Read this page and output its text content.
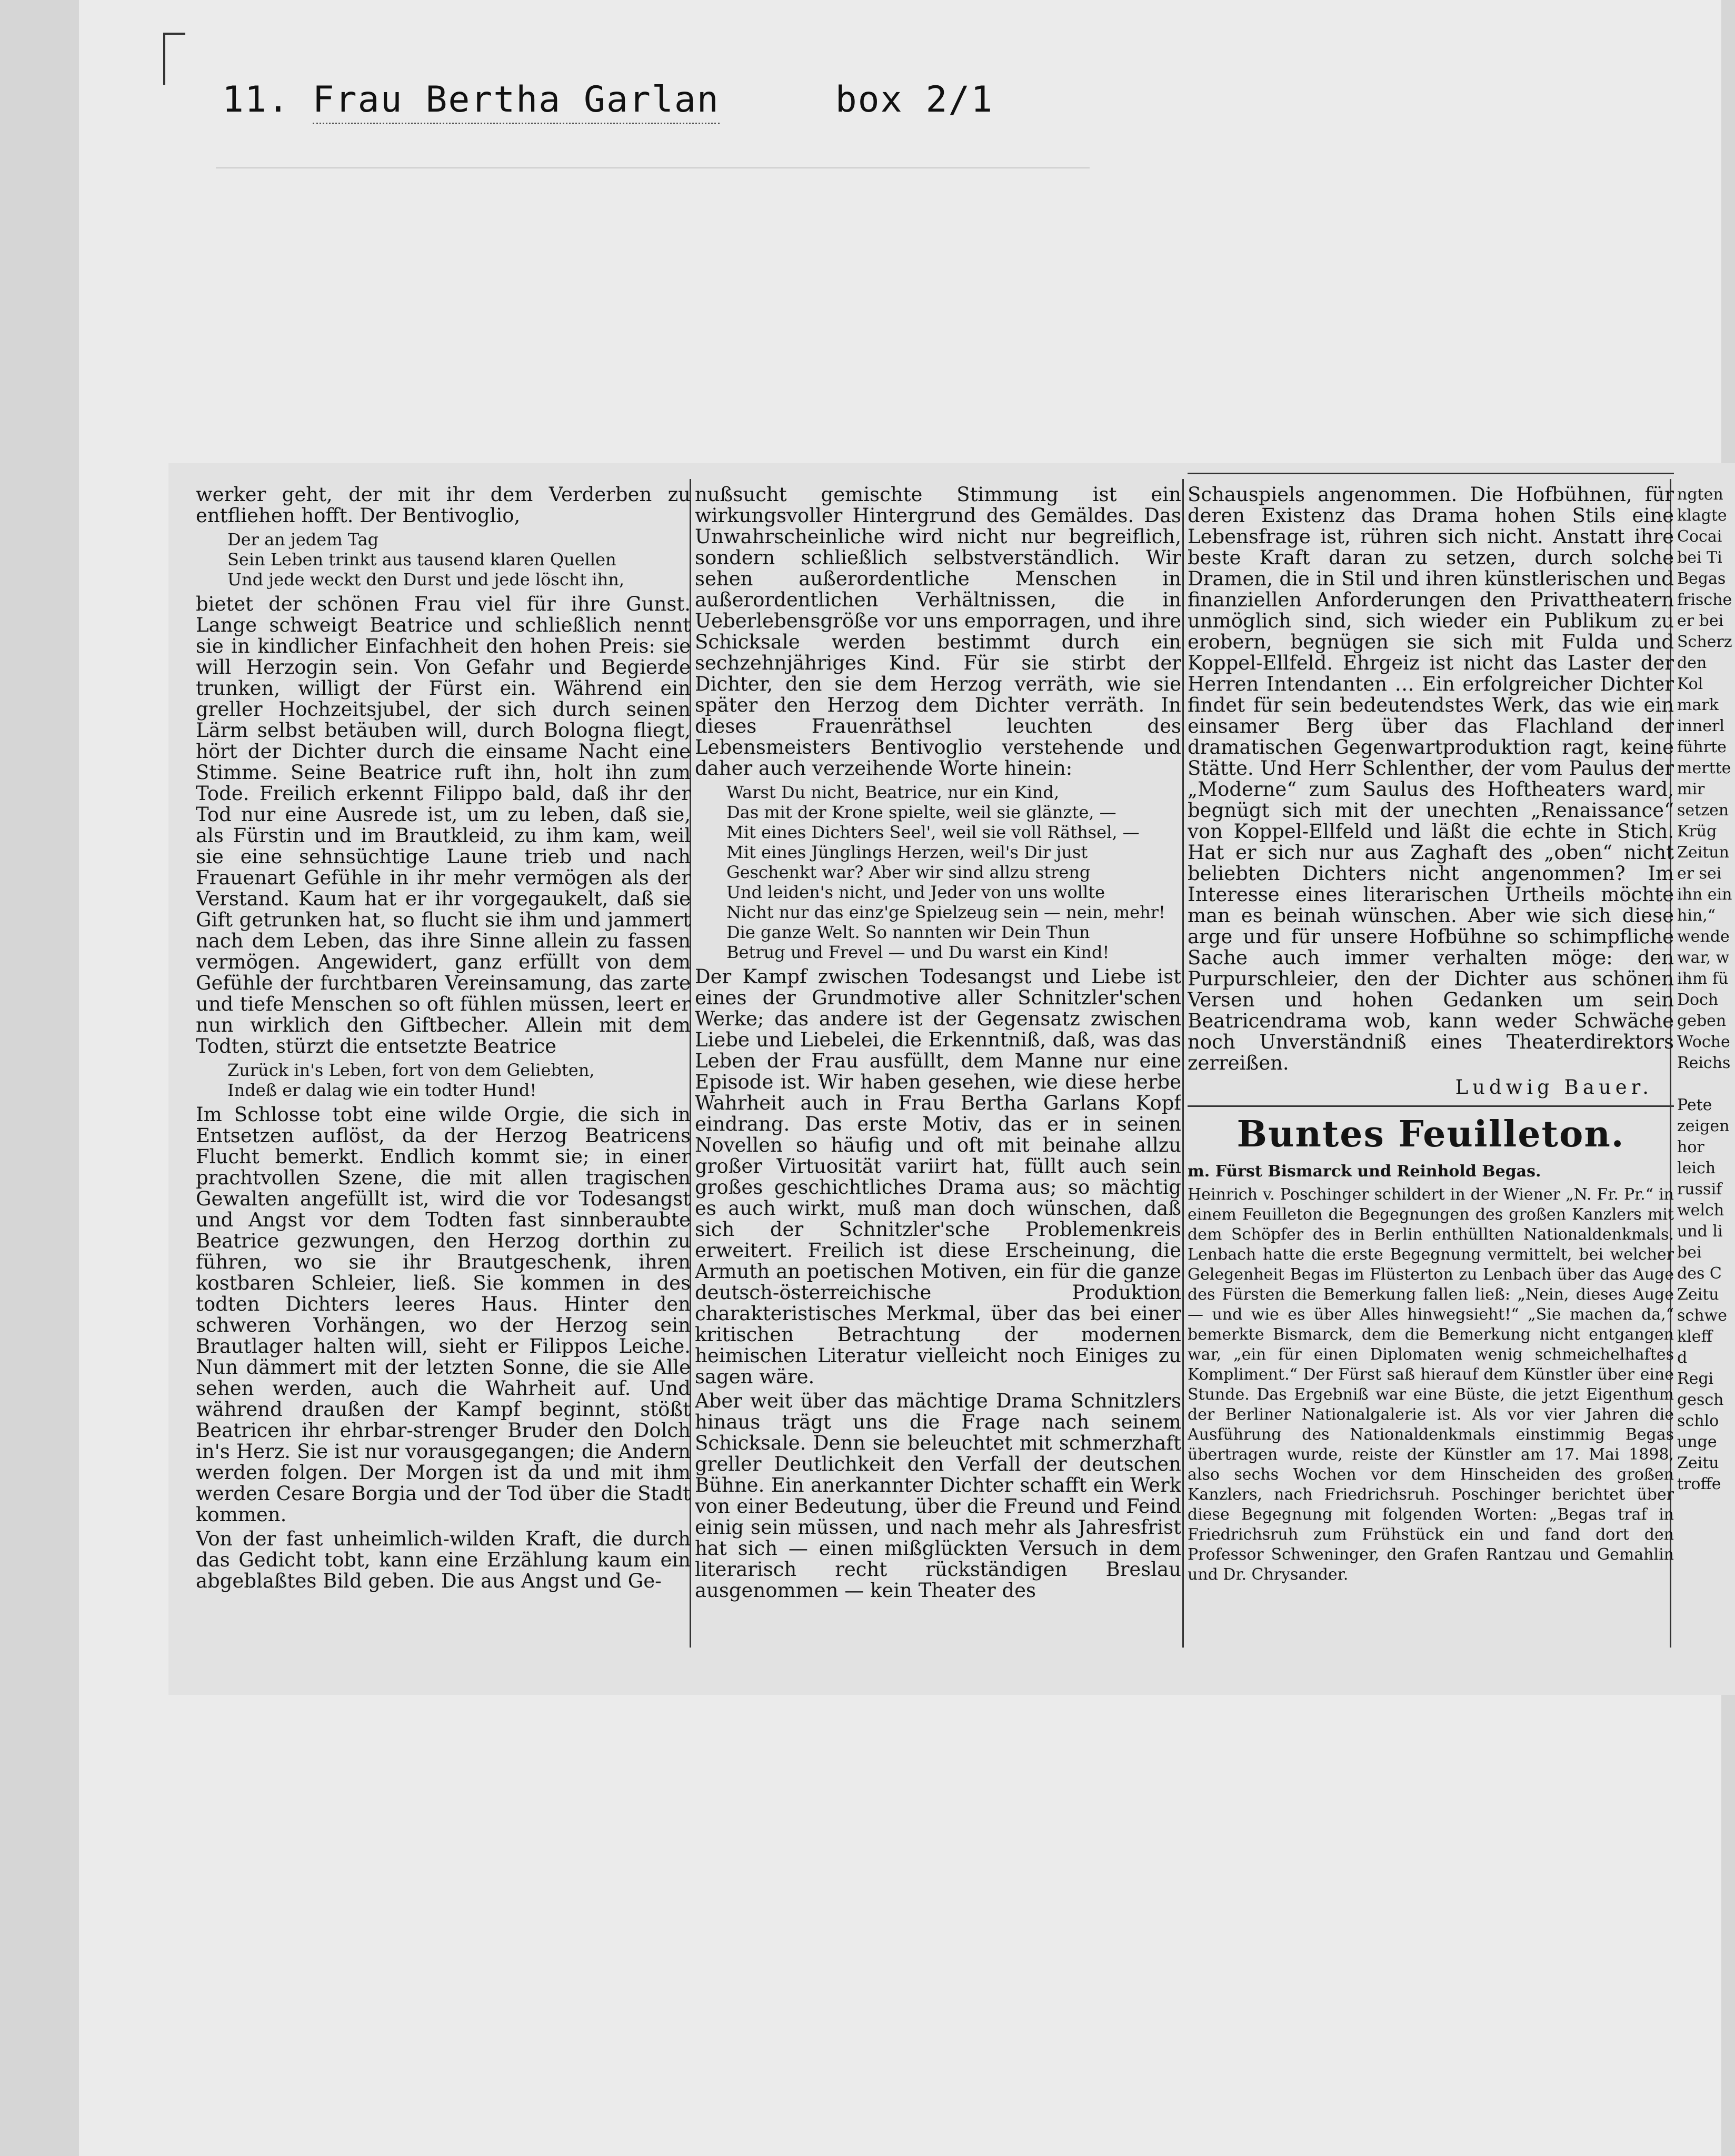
11. Frau Bertha Garlan	box 2/1

werker geht, der mit ihr dem Verderben zu entfliehen hofft. Der Bentivoglio,

Der an jedem Tag
Sein Leben trinkt aus tausend klaren Quellen
Und jede weckt den Durst und jede löscht ihn,

bietet der schönen Frau viel für ihre Gunst. Lange schweigt Beatrice und schließlich nennt sie in kindlicher Einfachheit den hohen Preis: sie will Herzogin sein. Von Gefahr und Begierde trunken, willigt der Fürst ein. Während ein greller Hochzeitsjubel, der sich durch seinen Lärm selbst betäuben will, durch Bologna fliegt, hört der Dichter durch die einsame Nacht eine Stimme. Seine Beatrice ruft ihn, holt ihn zum Tode. Freilich erkennt Filippo bald, daß ihr der Tod nur eine Ausrede ist, um zu leben, daß sie, als Fürstin und im Brautkleid, zu ihm kam, weil sie eine sehnsüchtige Laune trieb und nach Frauenart Gefühle in ihr mehr vermögen als der Verstand. Kaum hat er ihr vorgegaukelt, daß sie Gift getrunken hat, so flucht sie ihm und jammert nach dem Leben, das ihre Sinne allein zu fassen vermögen. Angewidert, ganz erfüllt von dem Gefühle der furchtbaren Vereinsamung, das zarte und tiefe Menschen so oft fühlen müssen, leert er nun wirklich den Giftbecher. Allein mit dem Todten, stürzt die entsetzte Beatrice

Zurück in's Leben, fort von dem Geliebten,
Indeß er dalag wie ein todter Hund!

Im Schlosse tobt eine wilde Orgie, die sich in Entsetzen auflöst, da der Herzog Beatricens Flucht bemerkt. Endlich kommt sie; in einer prachtvollen Szene, die mit allen tragischen Gewalten angefüllt ist, wird die vor Todesangst und Angst vor dem Todten fast sinnberaubte Beatrice gezwungen, den Herzog dorthin zu führen, wo sie ihr Brautgeschenk, ihren kostbaren Schleier, ließ. Sie kommen in des todten Dichters leeres Haus. Hinter den schweren Vorhängen, wo der Herzog sein Brautlager halten will, sieht er Filippos Leiche. Nun dämmert mit der letzten Sonne, die sie Alle sehen werden, auch die Wahrheit auf. Und während draußen der Kampf beginnt, stößt Beatricen ihr ehrbar-strenger Bruder den Dolch in's Herz. Sie ist nur vorausgegangen; die Andern werden folgen. Der Morgen ist da und mit ihm werden Cesare Borgia und der Tod über die Stadt kommen.

Von der fast unheimlich-wilden Kraft, die durch das Gedicht tobt, kann eine Erzählung kaum ein abgeblaßtes Bild geben. Die aus Angst und Ge-

nußsucht gemischte Stimmung ist ein wirkungsvoller Hintergrund des Gemäldes. Das Unwahrscheinliche wird nicht nur begreiflich, sondern schließlich selbstverständlich. Wir sehen außerordentliche Menschen in außerordentlichen Verhältnissen, die in Ueberlebensgröße vor uns emporragen, und ihre Schicksale werden bestimmt durch ein sechzehnjähriges Kind. Für sie stirbt der Dichter, den sie dem Herzog verräth, wie sie später den Herzog dem Dichter verräth. In dieses Frauenräthsel leuchten des Lebensmeisters Bentivoglio verstehende und daher auch verzeihende Worte hinein:

Warst Du nicht, Beatrice, nur ein Kind,
Das mit der Krone spielte, weil sie glänzte, —
Mit eines Dichters Seel', weil sie voll Räthsel, —
Mit eines Jünglings Herzen, weil's Dir just
Geschenkt war? Aber wir sind allzu streng
Und leiden's nicht, und Jeder von uns wollte
Nicht nur das einz'ge Spielzeug sein — nein, mehr!
Die ganze Welt. So nannten wir Dein Thun
Betrug und Frevel — und Du warst ein Kind!

Der Kampf zwischen Todesangst und Liebe ist eines der Grundmotive aller Schnitzler'schen Werke; das andere ist der Gegensatz zwischen Liebe und Liebelei, die Erkenntniß, daß, was das Leben der Frau ausfüllt, dem Manne nur eine Episode ist. Wir haben gesehen, wie diese herbe Wahrheit auch in Frau Bertha Garlans Kopf eindrang. Das erste Motiv, das er in seinen Novellen so häufig und oft mit beinahe allzu großer Virtuosität variirt hat, füllt auch sein großes geschichtliches Drama aus; so mächtig es auch wirkt, muß man doch wünschen, daß sich der Schnitzler'sche Problemenkreis erweitert. Freilich ist diese Erscheinung, die Armuth an poetischen Motiven, ein für die ganze deutsch-österreichische Produktion charakteristisches Merkmal, über das bei einer kritischen Betrachtung der modernen heimischen Literatur vielleicht noch Einiges zu sagen wäre.

Aber weit über das mächtige Drama Schnitzlers hinaus trägt uns die Frage nach seinem Schicksale. Denn sie beleuchtet mit schmerzhaft greller Deutlichkeit den Verfall der deutschen Bühne. Ein anerkannter Dichter schafft ein Werk von einer Bedeutung, über die Freund und Feind einig sein müssen, und nach mehr als Jahresfrist hat sich — einen mißglückten Versuch in dem literarisch recht rückständigen Breslau ausgenommen — kein Theater des

Schauspiels angenommen. Die Hofbühnen, für deren Existenz das Drama hohen Stils eine Lebensfrage ist, rühren sich nicht. Anstatt ihre beste Kraft daran zu setzen, durch solche Dramen, die in Stil und ihren künstlerischen und finanziellen Anforderungen den Privattheatern unmöglich sind, sich wieder ein Publikum zu erobern, begnügen sie sich mit Fulda und Koppel-Ellfeld. Ehrgeiz ist nicht das Laster der Herren Intendanten … Ein erfolgreicher Dichter findet für sein bedeutendstes Werk, das wie ein einsamer Berg über das Flachland der dramatischen Gegenwartproduktion ragt, keine Stätte. Und Herr Schlenther, der vom Paulus der „Moderne“ zum Saulus des Hoftheaters ward, begnügt sich mit der unechten „Renaissance“ von Koppel-Ellfeld und läßt die echte in Stich. Hat er sich nur aus Zaghaft des „oben“ nicht beliebten Dichters nicht angenommen? Im Interesse eines literarischen Urtheils möchte man es beinah wünschen. Aber wie sich diese arge und für unsere Hofbühne so schimpfliche Sache auch immer verhalten möge: den Purpurschleier, den der Dichter aus schönen Versen und hohen Gedanken um sein Beatricendrama wob, kann weder Schwäche noch Unverständniß eines Theaterdirektors zerreißen.

Ludwig Bauer.
Buntes Feuilleton.

m. Fürst Bismarck und Reinhold Begas.

Heinrich v. Poschinger schildert in der Wiener „N. Fr. Pr.“ in einem Feuilleton die Begegnungen des großen Kanzlers mit dem Schöpfer des in Berlin enthüllten Nationaldenkmals. Lenbach hatte die erste Begegnung vermittelt, bei welcher Gelegenheit Begas im Flüsterton zu Lenbach über das Auge des Fürsten die Bemerkung fallen ließ: „Nein, dieses Auge — und wie es über Alles hinwegsieht!“ „Sie machen da,“ bemerkte Bismarck, dem die Bemerkung nicht entgangen war, „ein für einen Diplomaten wenig schmeichelhaftes Kompliment.“ Der Fürst saß hierauf dem Künstler über eine Stunde. Das Ergebniß war eine Büste, die jetzt Eigenthum der Berliner Nationalgalerie ist. Als vor vier Jahren die Ausführung des Nationaldenkmals einstimmig Begas übertragen wurde, reiste der Künstler am 17. Mai 1898, also sechs Wochen vor dem Hinscheiden des großen Kanzlers, nach Friedrichsruh. Poschinger berichtet über diese Begegnung mit folgenden Worten: „Begas traf in Friedrichsruh zum Frühstück ein und fand dort den Professor Schweninger, den Grafen Rantzau und Gemahlin und Dr. Chrysander.

ngten
klagte
Cocai
bei Ti
Begas
frische
er bei
Scherz
den Kol
mark
innerl
führte
mertte
mir
setzen
Krüg
Zeitun
er sei
ihn ein
hin,“
wende
war, w
ihm fü
Doch
geben
Woche
Reichs

Pete
zeigen
hor
leich
russif
welch
und li
bei
des C
Zeitu
schwe
kleff
d
Regi
gesch
schlo
unge
Zeitu
troffe
